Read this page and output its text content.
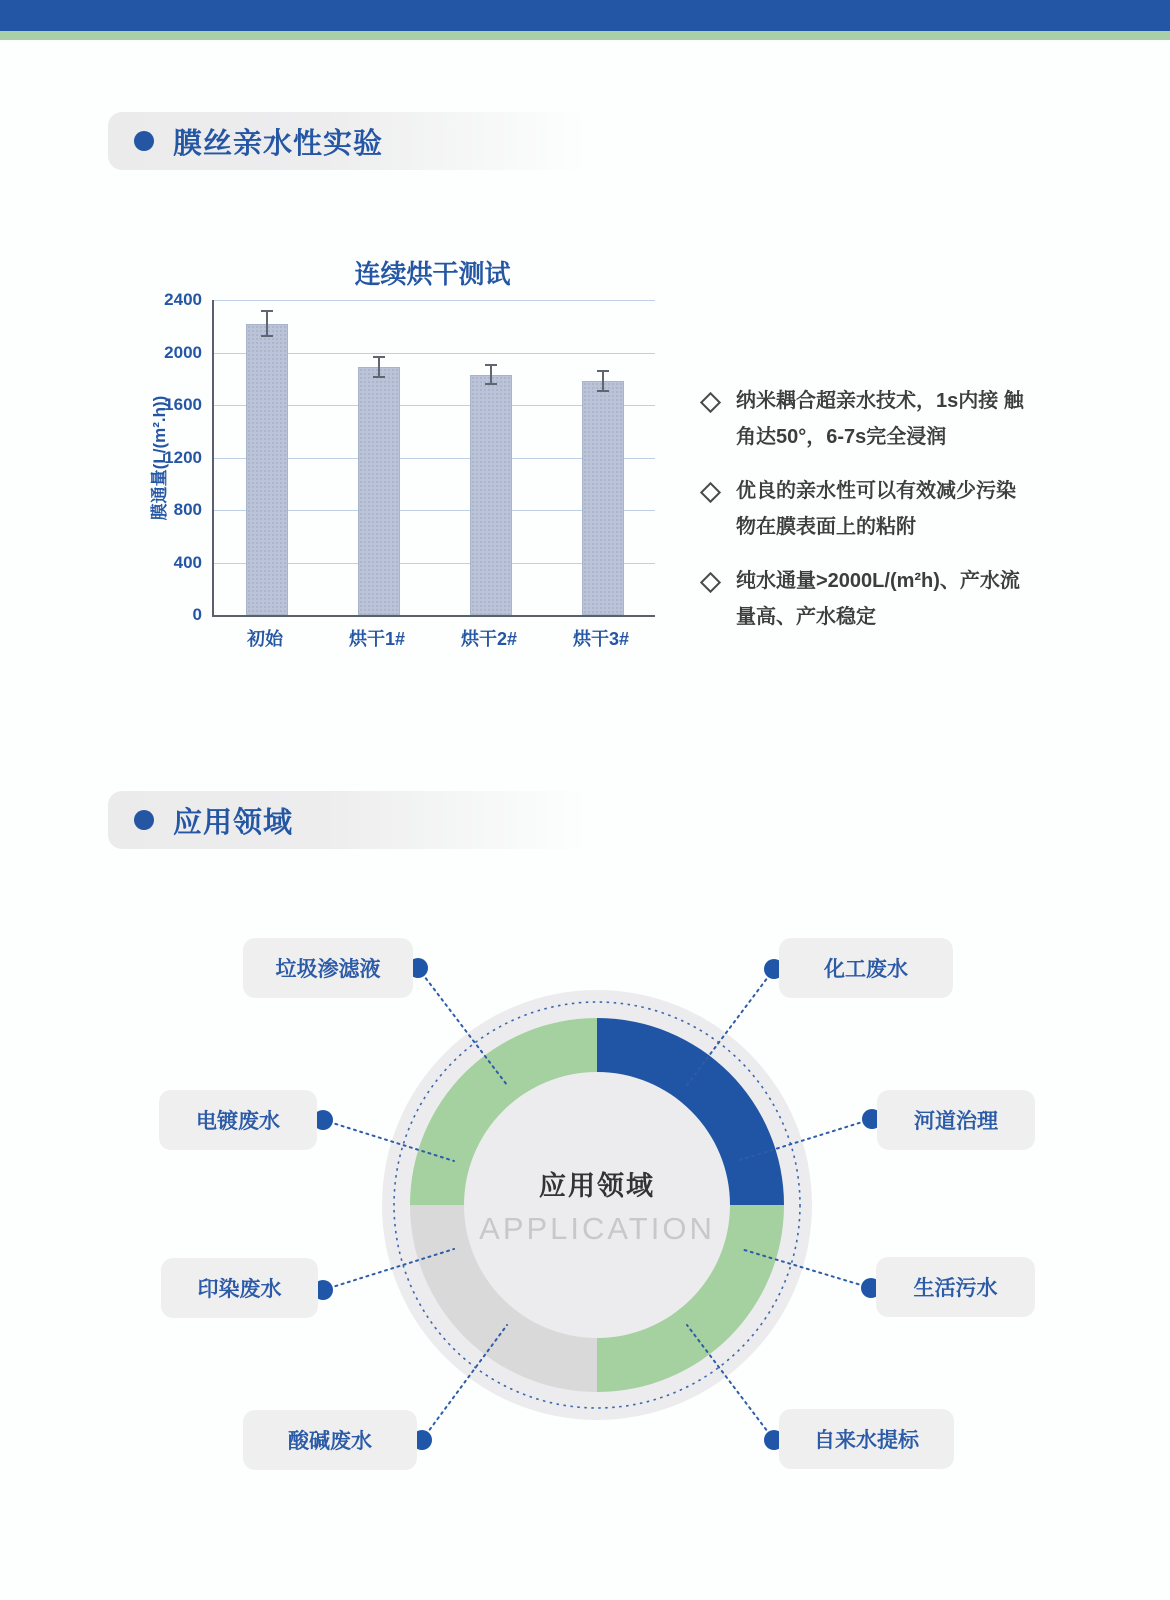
膜丝亲水性实验
连续烘干测试
膜通量(L/(m².h))
0
400
800
1200
1600
2000
2400
初始	烘干1#	烘干2#	烘干3#
纳米耦合超亲水技术，1s内接 触
角达50°，6-7s完全浸润
优良的亲水性可以有效减少污染
物在膜表面上的粘附
纯水通量>2000L/(m²h)、产水流
量高、产水稳定
应用领域
垃圾渗滤液	化工废水
电镀废水	河道治理
印染废水	生活污水
酸碱废水	自来水提标
应用领域
APPLICATION
